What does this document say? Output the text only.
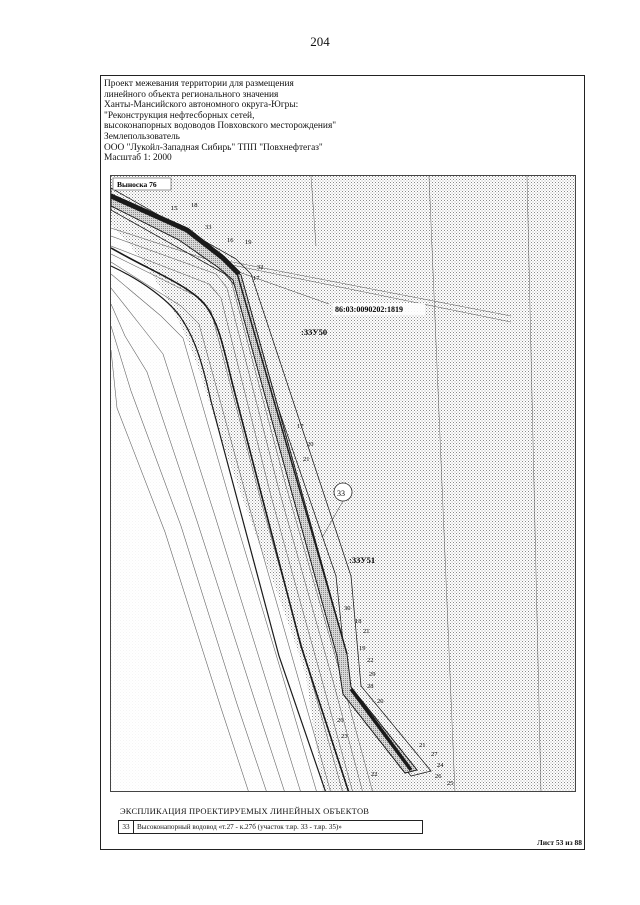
204
Проект межевания территории для размещения
линейного объекта регионального значения
Ханты-Мансийского автономного округа-Югры:
"Реконструкция нефтесборных сетей,
высоконапорных водоводов Повховского месторождения"
Землепользователь
ООО "Лукойл-Западная Сибирь" ТПП "Повхнефтегаз"
Масштаб 1: 2000
Выноска 76
86:03:0090202:1819
:33У50
:33У51
33
15 18
33
16 19
32
17
17
20
21
30
18
21
19
22
29
28
20
26
23
21
27
24
22	26
25
ЭКСПЛИКАЦИЯ ПРОЕКТИРУЕМЫХ ЛИНЕЙНЫХ ОБЪЕКТОВ
33	Высоконапорный водовод «т.27 - к.27б (участок т.вр. 33 - т.вр. 35)»
Лист 53 из 88
